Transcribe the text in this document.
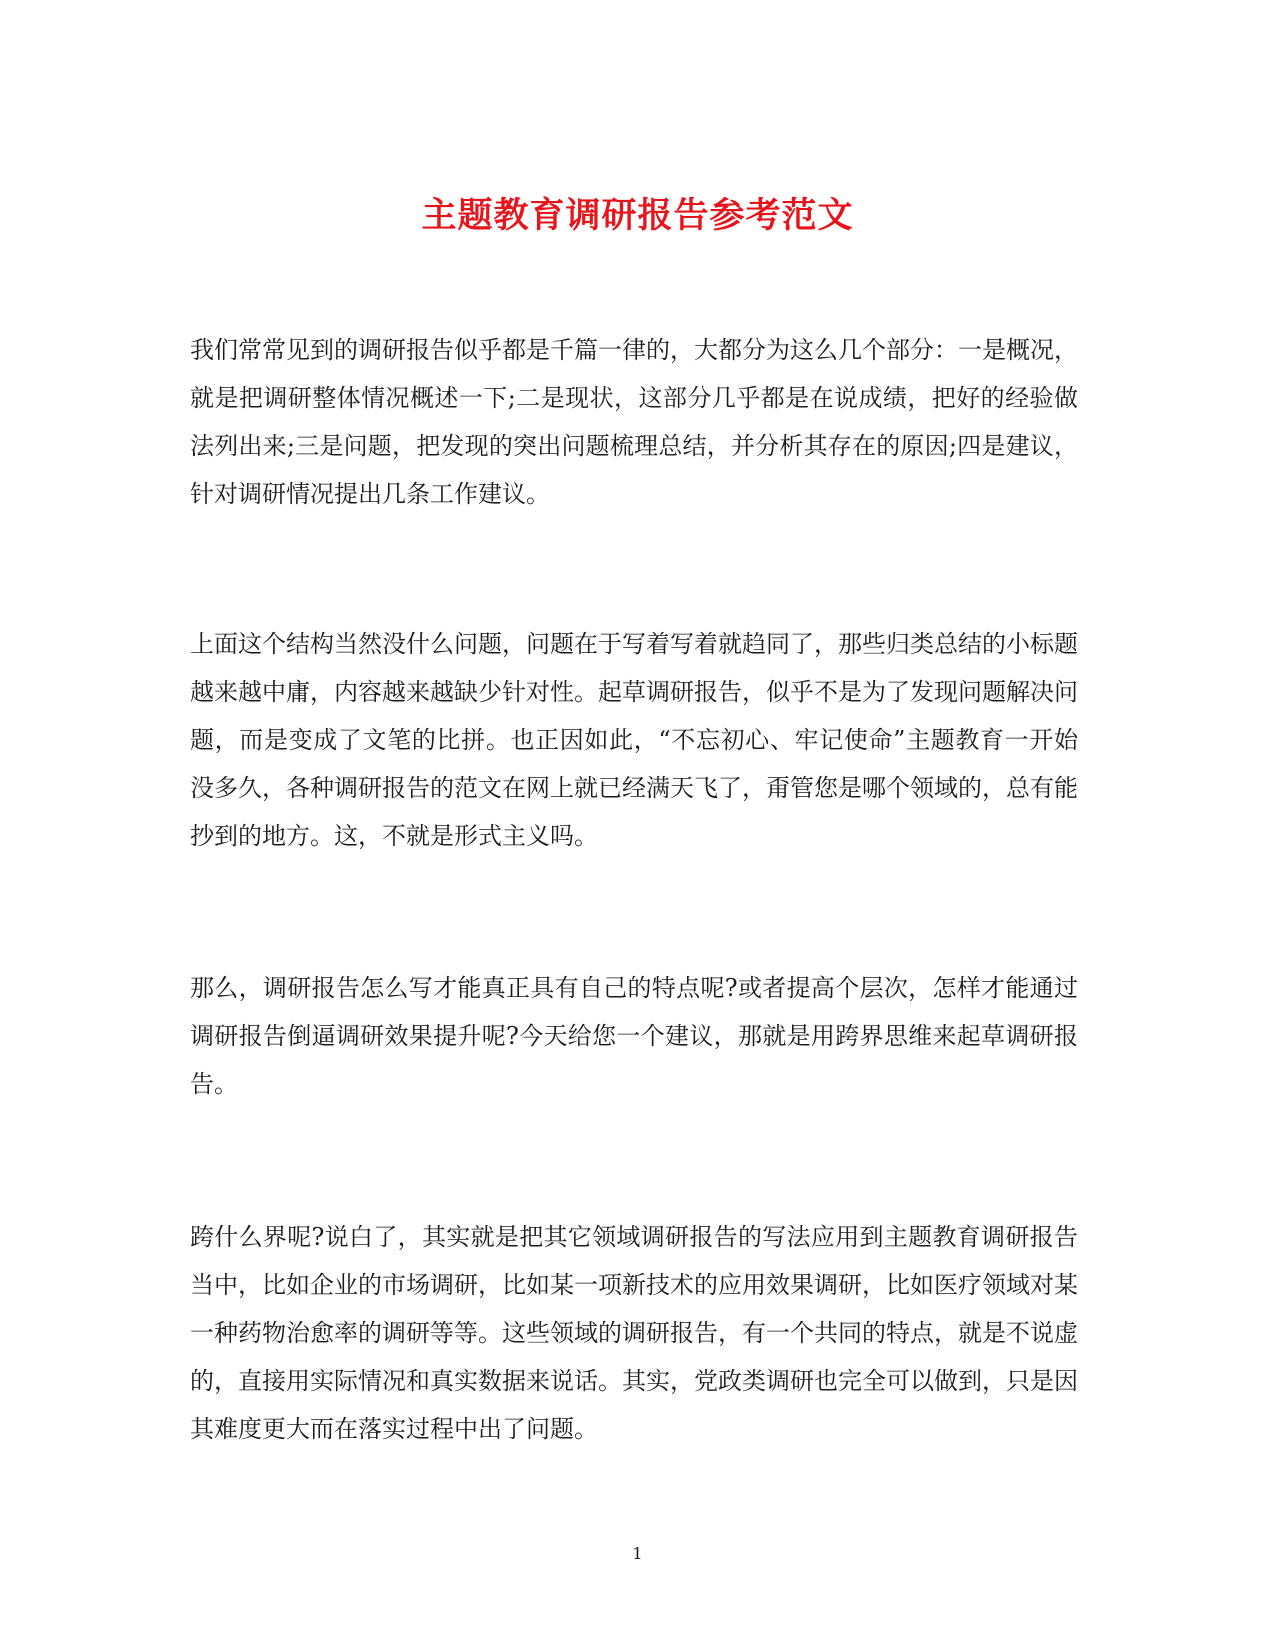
主题教育调研报告参考范文

我们常常见到的调研报告似乎都是千篇一律的，大都分为这么几个部分：一是概况，就是把调研整体情况概述一下;二是现状，这部分几乎都是在说成绩，把好的经验做法列出来;三是问题，把发现的突出问题梳理总结，并分析其存在的原因;四是建议，针对调研情况提出几条工作建议。

上面这个结构当然没什么问题，问题在于写着写着就趋同了，那些归类总结的小标题越来越中庸，内容越来越缺少针对性。起草调研报告，似乎不是为了发现问题解决问题，而是变成了文笔的比拼。也正因如此，“不忘初心、牢记使命”主题教育一开始没多久，各种调研报告的范文在网上就已经满天飞了，甭管您是哪个领域的，总有能抄到的地方。这，不就是形式主义吗。

那么，调研报告怎么写才能真正具有自己的特点呢?或者提高个层次，怎样才能通过调研报告倒逼调研效果提升呢?今天给您一个建议，那就是用跨界思维来起草调研报告。

跨什么界呢?说白了，其实就是把其它领域调研报告的写法应用到主题教育调研报告当中，比如企业的市场调研，比如某一项新技术的应用效果调研，比如医疗领域对某一种药物治愈率的调研等等。这些领域的调研报告，有一个共同的特点，就是不说虚的，直接用实际情况和真实数据来说话。其实，党政类调研也完全可以做到，只是因其难度更大而在落实过程中出了问题。

1
